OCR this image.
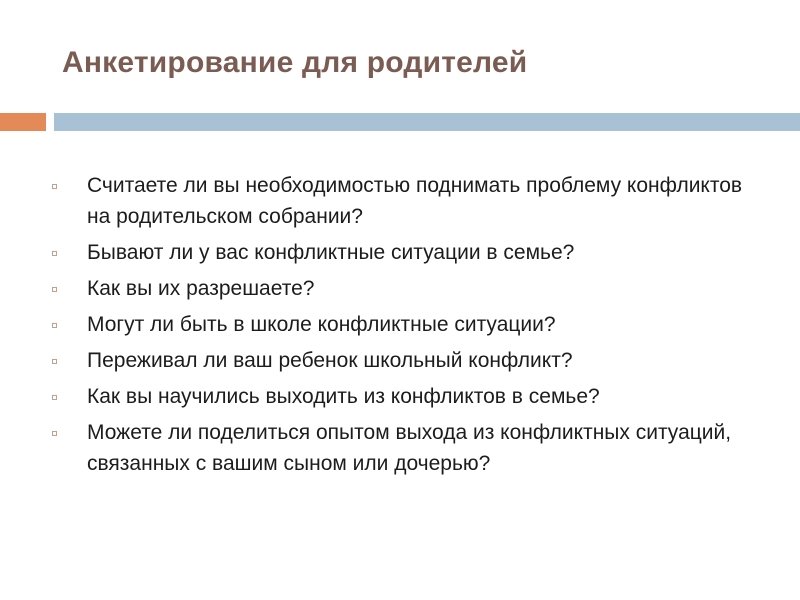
Анкетирование для родителей
Считаете ли вы необходимостью поднимать проблему конфликтов на родительском собрании?
Бывают ли у вас конфликтные ситуации в семье?
Как вы их разрешаете?
Могут ли быть в школе конфликтные ситуации?
Переживал ли ваш ребенок школьный конфликт?
Как вы научились выходить из конфликтов в семье?
Можете ли поделиться опытом выхода из конфликтных ситуаций, связанных с вашим сыном или дочерью?
